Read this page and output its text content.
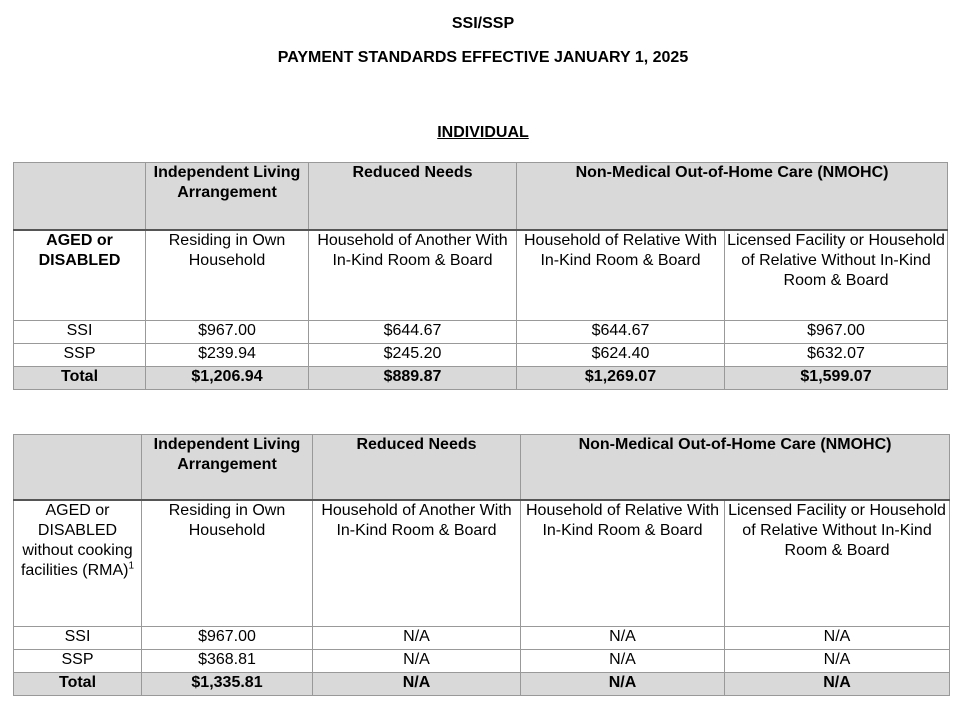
SSI/SSP
PAYMENT STANDARDS EFFECTIVE JANUARY 1, 2025
INDIVIDUAL
	Independent Living Arrangement	Reduced Needs	Non-Medical Out-of-Home Care (NMOHC)	
AGED or DISABLED	Residing in Own Household	Household of Another With In-Kind Room & Board	Household of Relative With In-Kind Room & Board	Licensed Facility or Household of Relative Without In-Kind Room & Board
SSI	$967.00	$644.67	$644.67	$967.00
SSP	$239.94	$245.20	$624.40	$632.07
Total	$1,206.94	$889.87	$1,269.07	$1,599.07
	Independent Living Arrangement	Reduced Needs	Non-Medical Out-of-Home Care (NMOHC)	

AGED or DISABLED
without cooking facilities (RMA)$^1$	Residing in Own Household	Household of Another With In-Kind Room & Board	Household of Relative With In-Kind Room & Board	Licensed Facility or Household of Relative Without In-Kind Room & Board
SSI	$967.00	N/A	N/A	N/A
SSP	$368.81	N/A	N/A	N/A
Total	$1,335.81	N/A	N/A	N/A
